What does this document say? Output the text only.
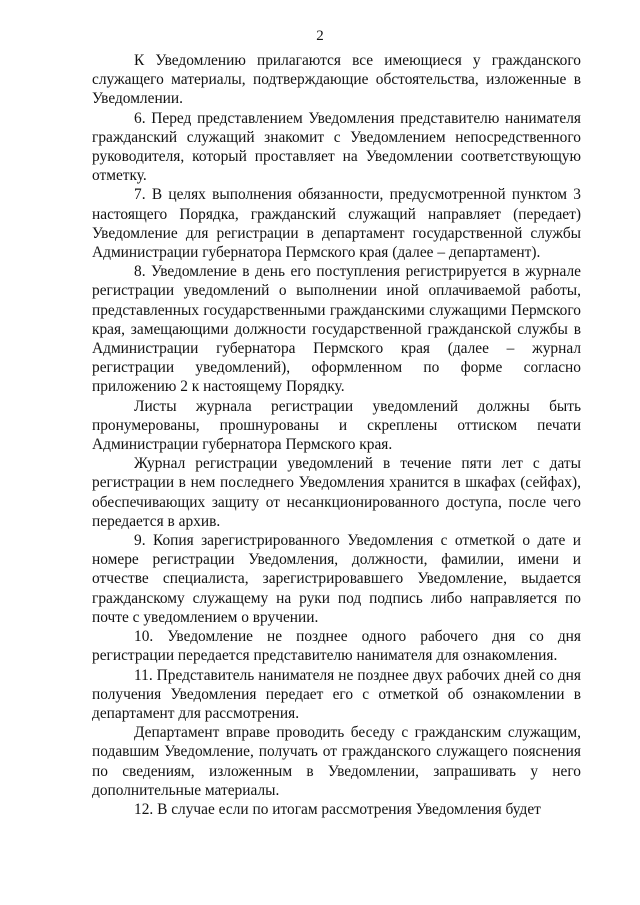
2

К Уведомлению прилагаются все имеющиеся у гражданского служащего материалы, подтверждающие обстоятельства, изложенные в Уведомлении.

6. Перед представлением Уведомления представителю нанимателя гражданский служащий знакомит с Уведомлением непосредственного руководителя, который проставляет на Уведомлении соответствующую отметку.

7. В целях выполнения обязанности, предусмотренной пунктом 3 настоящего Порядка, гражданский служащий направляет (передает) Уведомление для регистрации в департамент государственной службы Администрации губернатора Пермского края (далее – департамент).

8. Уведомление в день его поступления регистрируется в журнале регистрации уведомлений о выполнении иной оплачиваемой работы, представленных государственными гражданскими служащими Пермского края, замещающими должности государственной гражданской службы в Администрации губернатора Пермского края (далее – журнал регистрации уведомлений), оформленном по форме согласно приложению 2 к настоящему Порядку.

Листы журнала регистрации уведомлений должны быть пронумерованы, прошнурованы и скреплены оттиском печати Администрации губернатора Пермского края.

Журнал регистрации уведомлений в течение пяти лет с даты регистрации в нем последнего Уведомления хранится в шкафах (сейфах), обеспечивающих защиту от несанкционированного доступа, после чего передается в архив.

9. Копия зарегистрированного Уведомления с отметкой о дате и номере регистрации Уведомления, должности, фамилии, имени и отчестве специалиста, зарегистрировавшего Уведомление, выдается гражданскому служащему на руки под подпись либо направляется по почте с уведомлением о вручении.

10. Уведомление не позднее одного рабочего дня со дня регистрации передается представителю нанимателя для ознакомления.

11. Представитель нанимателя не позднее двух рабочих дней со дня получения Уведомления передает его с отметкой об ознакомлении в департамент для рассмотрения.

Департамент вправе проводить беседу с гражданским служащим, подавшим Уведомление, получать от гражданского служащего пояснения по сведениям, изложенным в Уведомлении, запрашивать у него дополнительные материалы.

12. В случае если по итогам рассмотрения Уведомления будет
